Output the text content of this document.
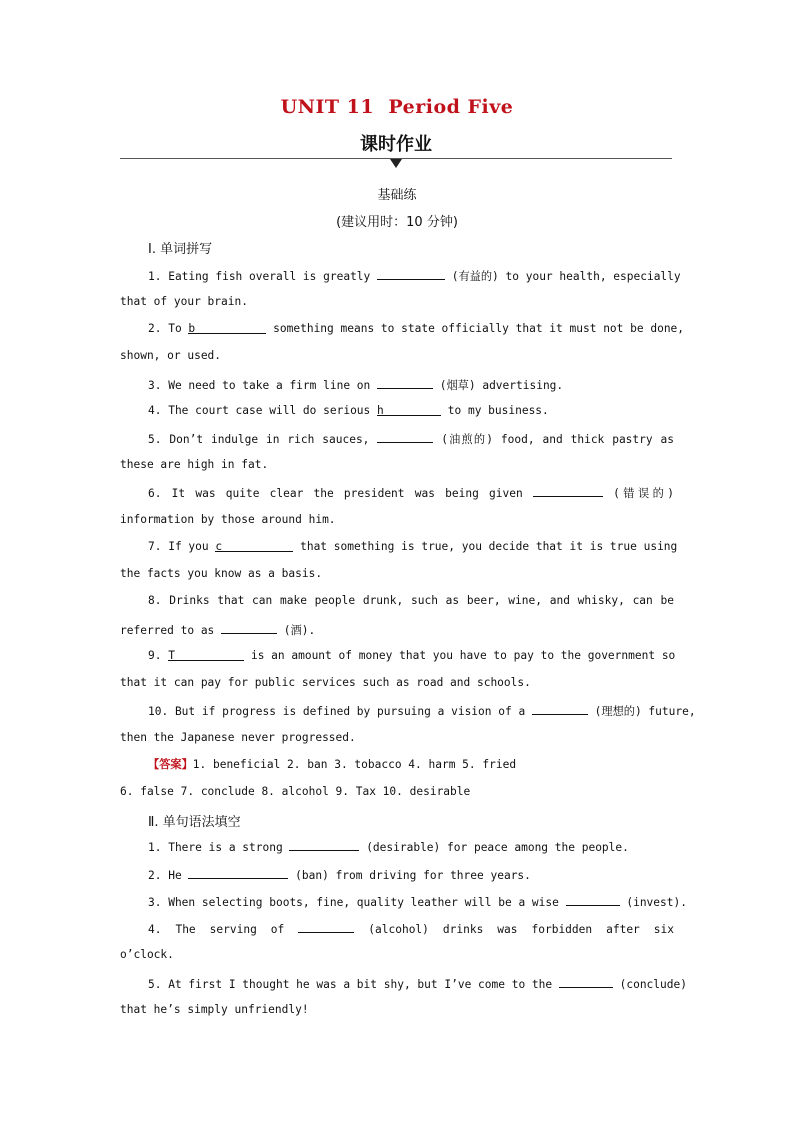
UNIT 11 Period Five
课时作业
基础练
(建议用时：10 分钟)
Ⅰ. 单词拼写
1. Eating fish overall is greatly	(有益的) to your health, especially
that of your brain.
2. To b	something means to state officially that it must not be done,
shown, or used.
3. We need to take a firm line on	(烟草) advertising.
4. The court case will do serious h	to my business.
5. Don’t indulge in rich sauces,	(油煎的) food, and thick pastry as
these are high in fat.
6. It was quite clear the president was being given	(错误的)
information by those around him.
7. If you c	that something is true, you decide that it is true using
the facts you know as a basis.
8. Drinks that can make people drunk, such as beer, wine, and whisky, can be
referred to as	(酒).
9. T	is an amount of money that you have to pay to the government so
that it can pay for public services such as road and schools.
10. But if progress is defined by pursuing a vision of a	(理想的) future,
then the Japanese never progressed.
【答案】1. beneficial 2. ban 3. tobacco 4. harm 5. fried
6. false 7. conclude 8. alcohol 9. Tax 10. desirable
Ⅱ. 单句语法填空
1. There is a strong	(desirable) for peace among the people.
2. He	(ban) from driving for three years.
3. When selecting boots, fine, quality leather will be a wise	(invest).
4. The serving of	(alcohol) drinks was forbidden after six
o’clock.
5. At first I thought he was a bit shy, but I’ve come to the	(conclude)
that he’s simply unfriendly!
